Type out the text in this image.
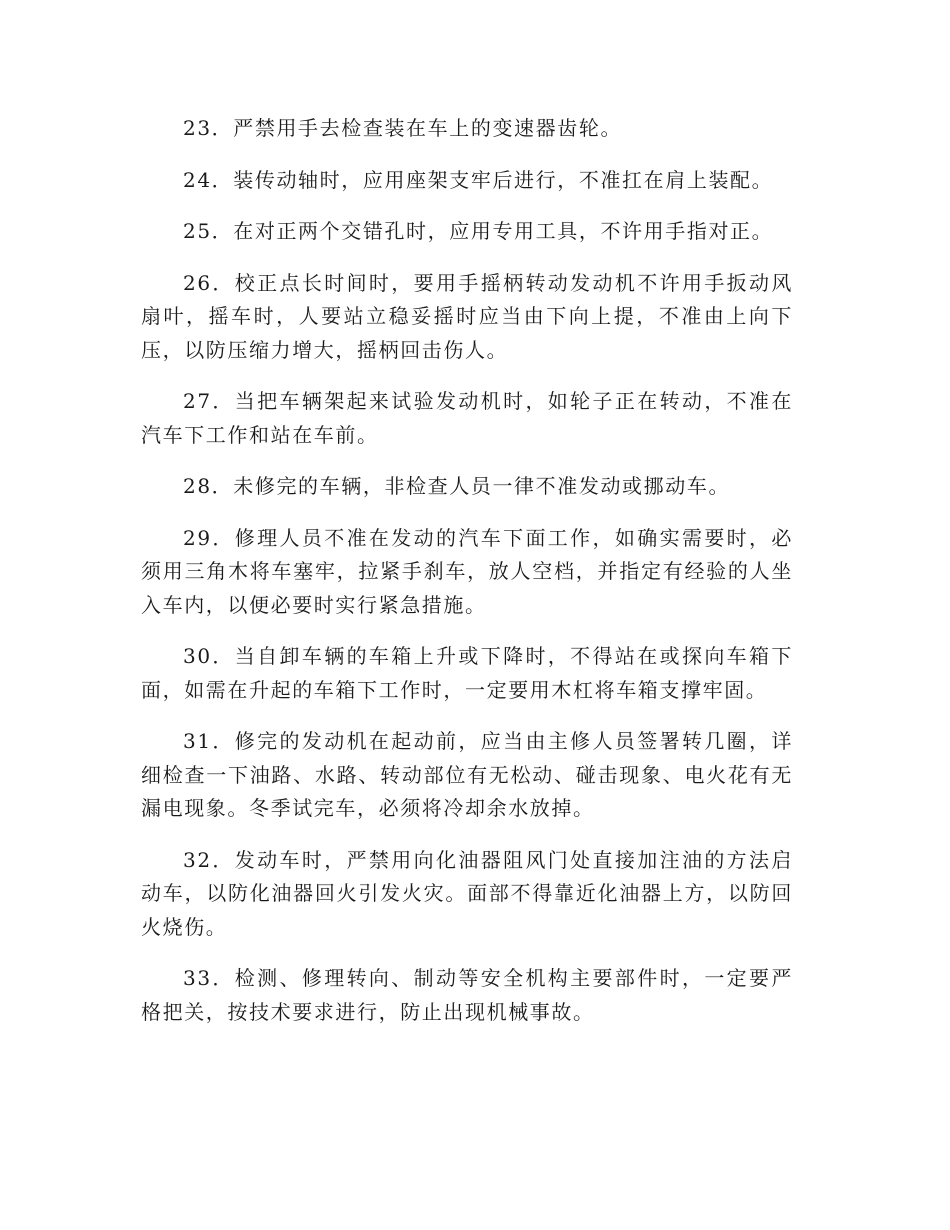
23．严禁用手去检查装在车上的变速器齿轮。

24．装传动轴时，应用座架支牢后进行，不准扛在肩上装配。

25．在对正两个交错孔时，应用专用工具，不许用手指对正。

26．校正点长时间时，要用手摇柄转动发动机不许用手扳动风扇叶，摇车时，人要站立稳妥摇时应当由下向上提，不准由上向下压，以防压缩力增大，摇柄回击伤人。

27．当把车辆架起来试验发动机时，如轮子正在转动，不准在汽车下工作和站在车前。

28．未修完的车辆，非检查人员一律不准发动或挪动车。

29．修理人员不准在发动的汽车下面工作，如确实需要时，必须用三角木将车塞牢，拉紧手刹车，放人空档，并指定有经验的人坐入车内，以便必要时实行紧急措施。

30．当自卸车辆的车箱上升或下降时，不得站在或探向车箱下面，如需在升起的车箱下工作时，一定要用木杠将车箱支撑牢固。

31．修完的发动机在起动前，应当由主修人员签署转几圈，详细检查一下油路、水路、转动部位有无松动、碰击现象、电火花有无漏电现象。冬季试完车，必须将冷却余水放掉。

32．发动车时，严禁用向化油器阻风门处直接加注油的方法启动车，以防化油器回火引发火灾。面部不得靠近化油器上方，以防回火烧伤。

33．检测、修理转向、制动等安全机构主要部件时，一定要严格把关，按技术要求进行，防止出现机械事故。
